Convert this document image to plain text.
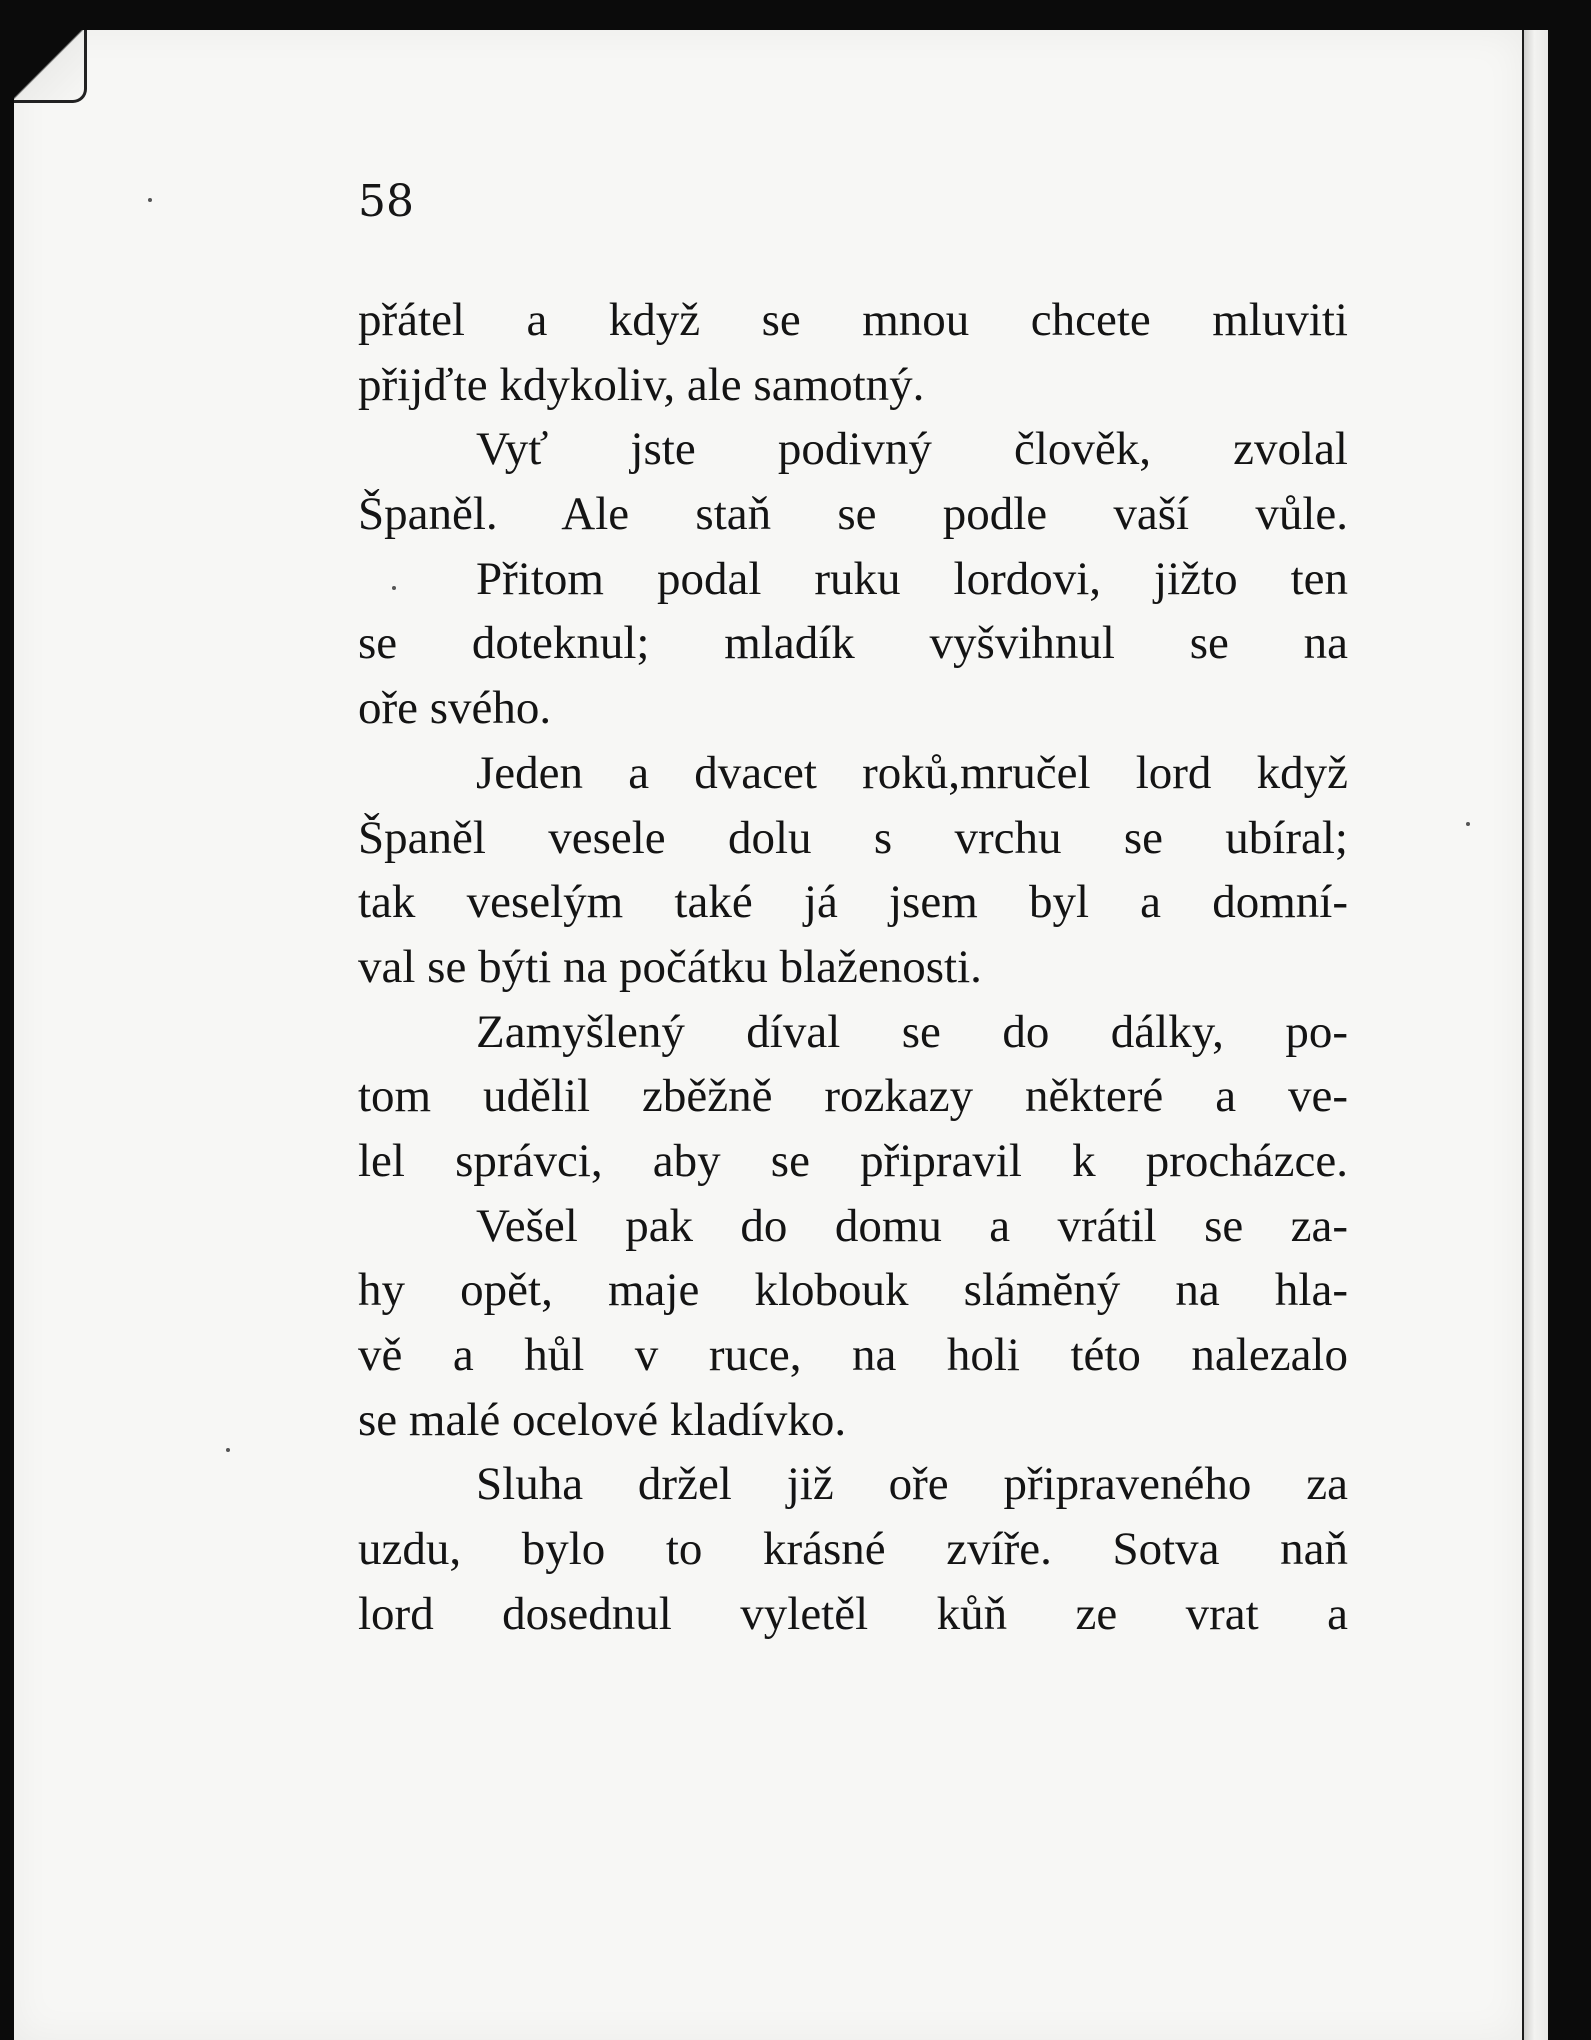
58

přátel a když se mnou chcete mluviti
přijďte kdykoliv, ale samotný.
Vyť jste podivný člověk, zvolal
Španěl. Ale staň se podle vaší vůle.
Přitom podal ruku lordovi, jižto ten
se doteknul; mladík vyšvihnul se na
oře svého.
Jeden a dvacet roků,mručel lord když
Španěl vesele dolu s vrchu se ubíral;
tak veselým také já jsem byl a domní-
val se býti na počátku blaženosti.
Zamyšlený díval se do dálky, po-
tom udělil zběžně rozkazy některé a ve-
lel správci, aby se připravil k procházce.
Vešel pak do domu a vrátil se za-
hy opět, maje klobouk slámĕný na hla-
vě a hůl v ruce, na holi této nalezalo
se malé ocelové kladívko.
Sluha držel již oře připraveného za
uzdu, bylo to krásné zvíře. Sotva naň
lord dosednul vyletěl kůň ze vrat a
